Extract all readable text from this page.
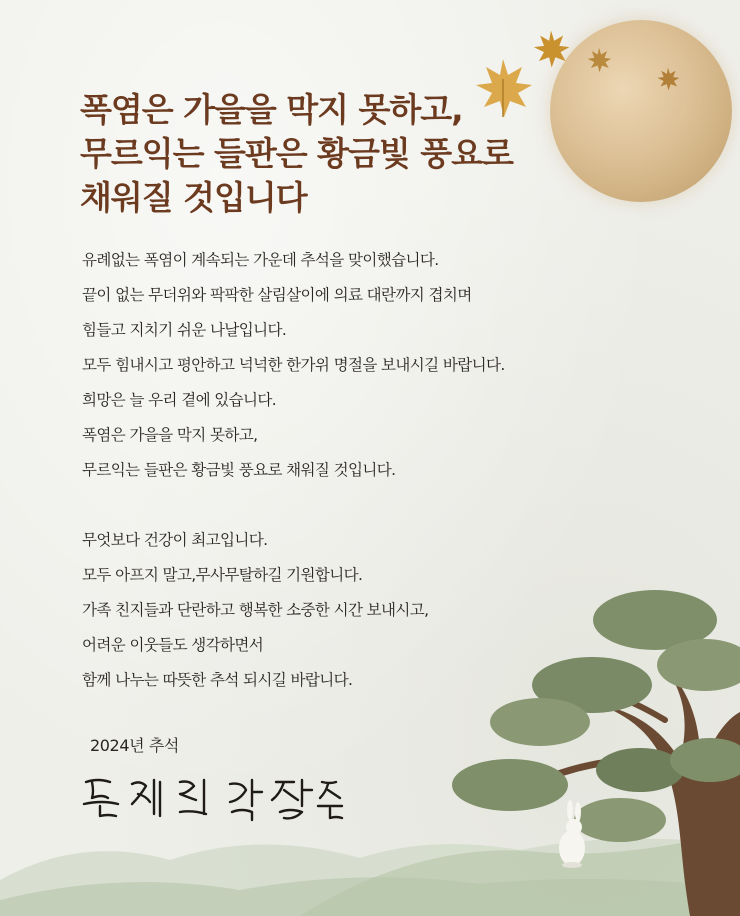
폭염은 가을을 막지 못하고,
무르익는 들판은 황금빛 풍요로
채워질 것입니다
유례없는 폭염이 계속되는 가운데 추석을 맞이했습니다.
끝이 없는 무더위와 팍팍한 살림살이에 의료 대란까지 겹치며
힘들고 지치기 쉬운 나날입니다.
모두 힘내시고 평안하고 넉넉한 한가위 명절을 보내시길 바랍니다.
희망은 늘 우리 곁에 있습니다.
폭염은 가을을 막지 못하고,
무르익는 들판은 황금빛 풍요로 채워질 것입니다.
무엇보다 건강이 최고입니다.
모두 아프지 말고,무사무탈하길 기원합니다.
가족 친지들과 단란하고 행복한 소중한 시간 보내시고,
어려운 이웃들도 생각하면서
함께 나누는 따뜻한 추석 되시길 바랍니다.
2024년 추석
